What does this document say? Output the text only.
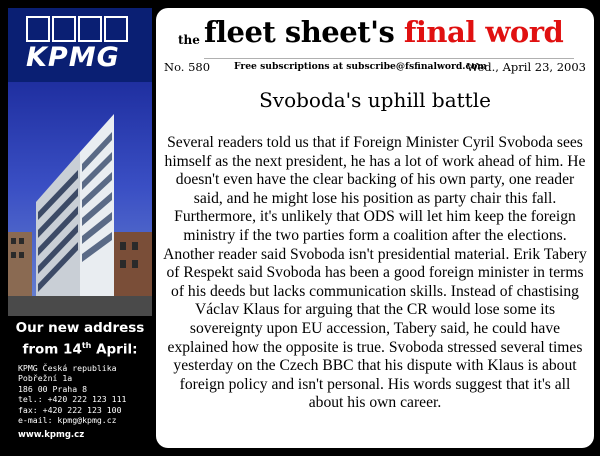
KPMG
Our new address
from 14th April:
KPMG Česká republika
Pobřežní 1a
186 00 Praha 8
tel.: +420 222 123 111
fax: +420 222 123 100
e-mail: kpmg@kpmg.cz
www.kpmg.cz
the fleet sheet's final word
No. 580	Free subscriptions at subscribe@fsfinalword.com
Wed., April 23, 2003
Svoboda's uphill battle
Several readers told us that if Foreign Minister Cyril Svoboda sees himself as the next president, he has a lot of work ahead of him. He doesn't even have the clear backing of his own party, one reader said, and he might lose his position as party chair this fall. Furthermore, it's unlikely that ODS will let him keep the foreign ministry if the two parties form a coalition after the elections. Another reader said Svoboda isn't presidential material. Erik Tabery of Respekt said Svoboda has been a good foreign minister in terms of his deeds but lacks communication skills. Instead of chastising Václav Klaus for arguing that the CR would lose some its sovereignty upon EU accession, Tabery said, he could have explained how the opposite is true. Svoboda stressed several times yesterday on the Czech BBC that his dispute with Klaus is about foreign policy and isn't personal. His words suggest that it's all about his own career.
